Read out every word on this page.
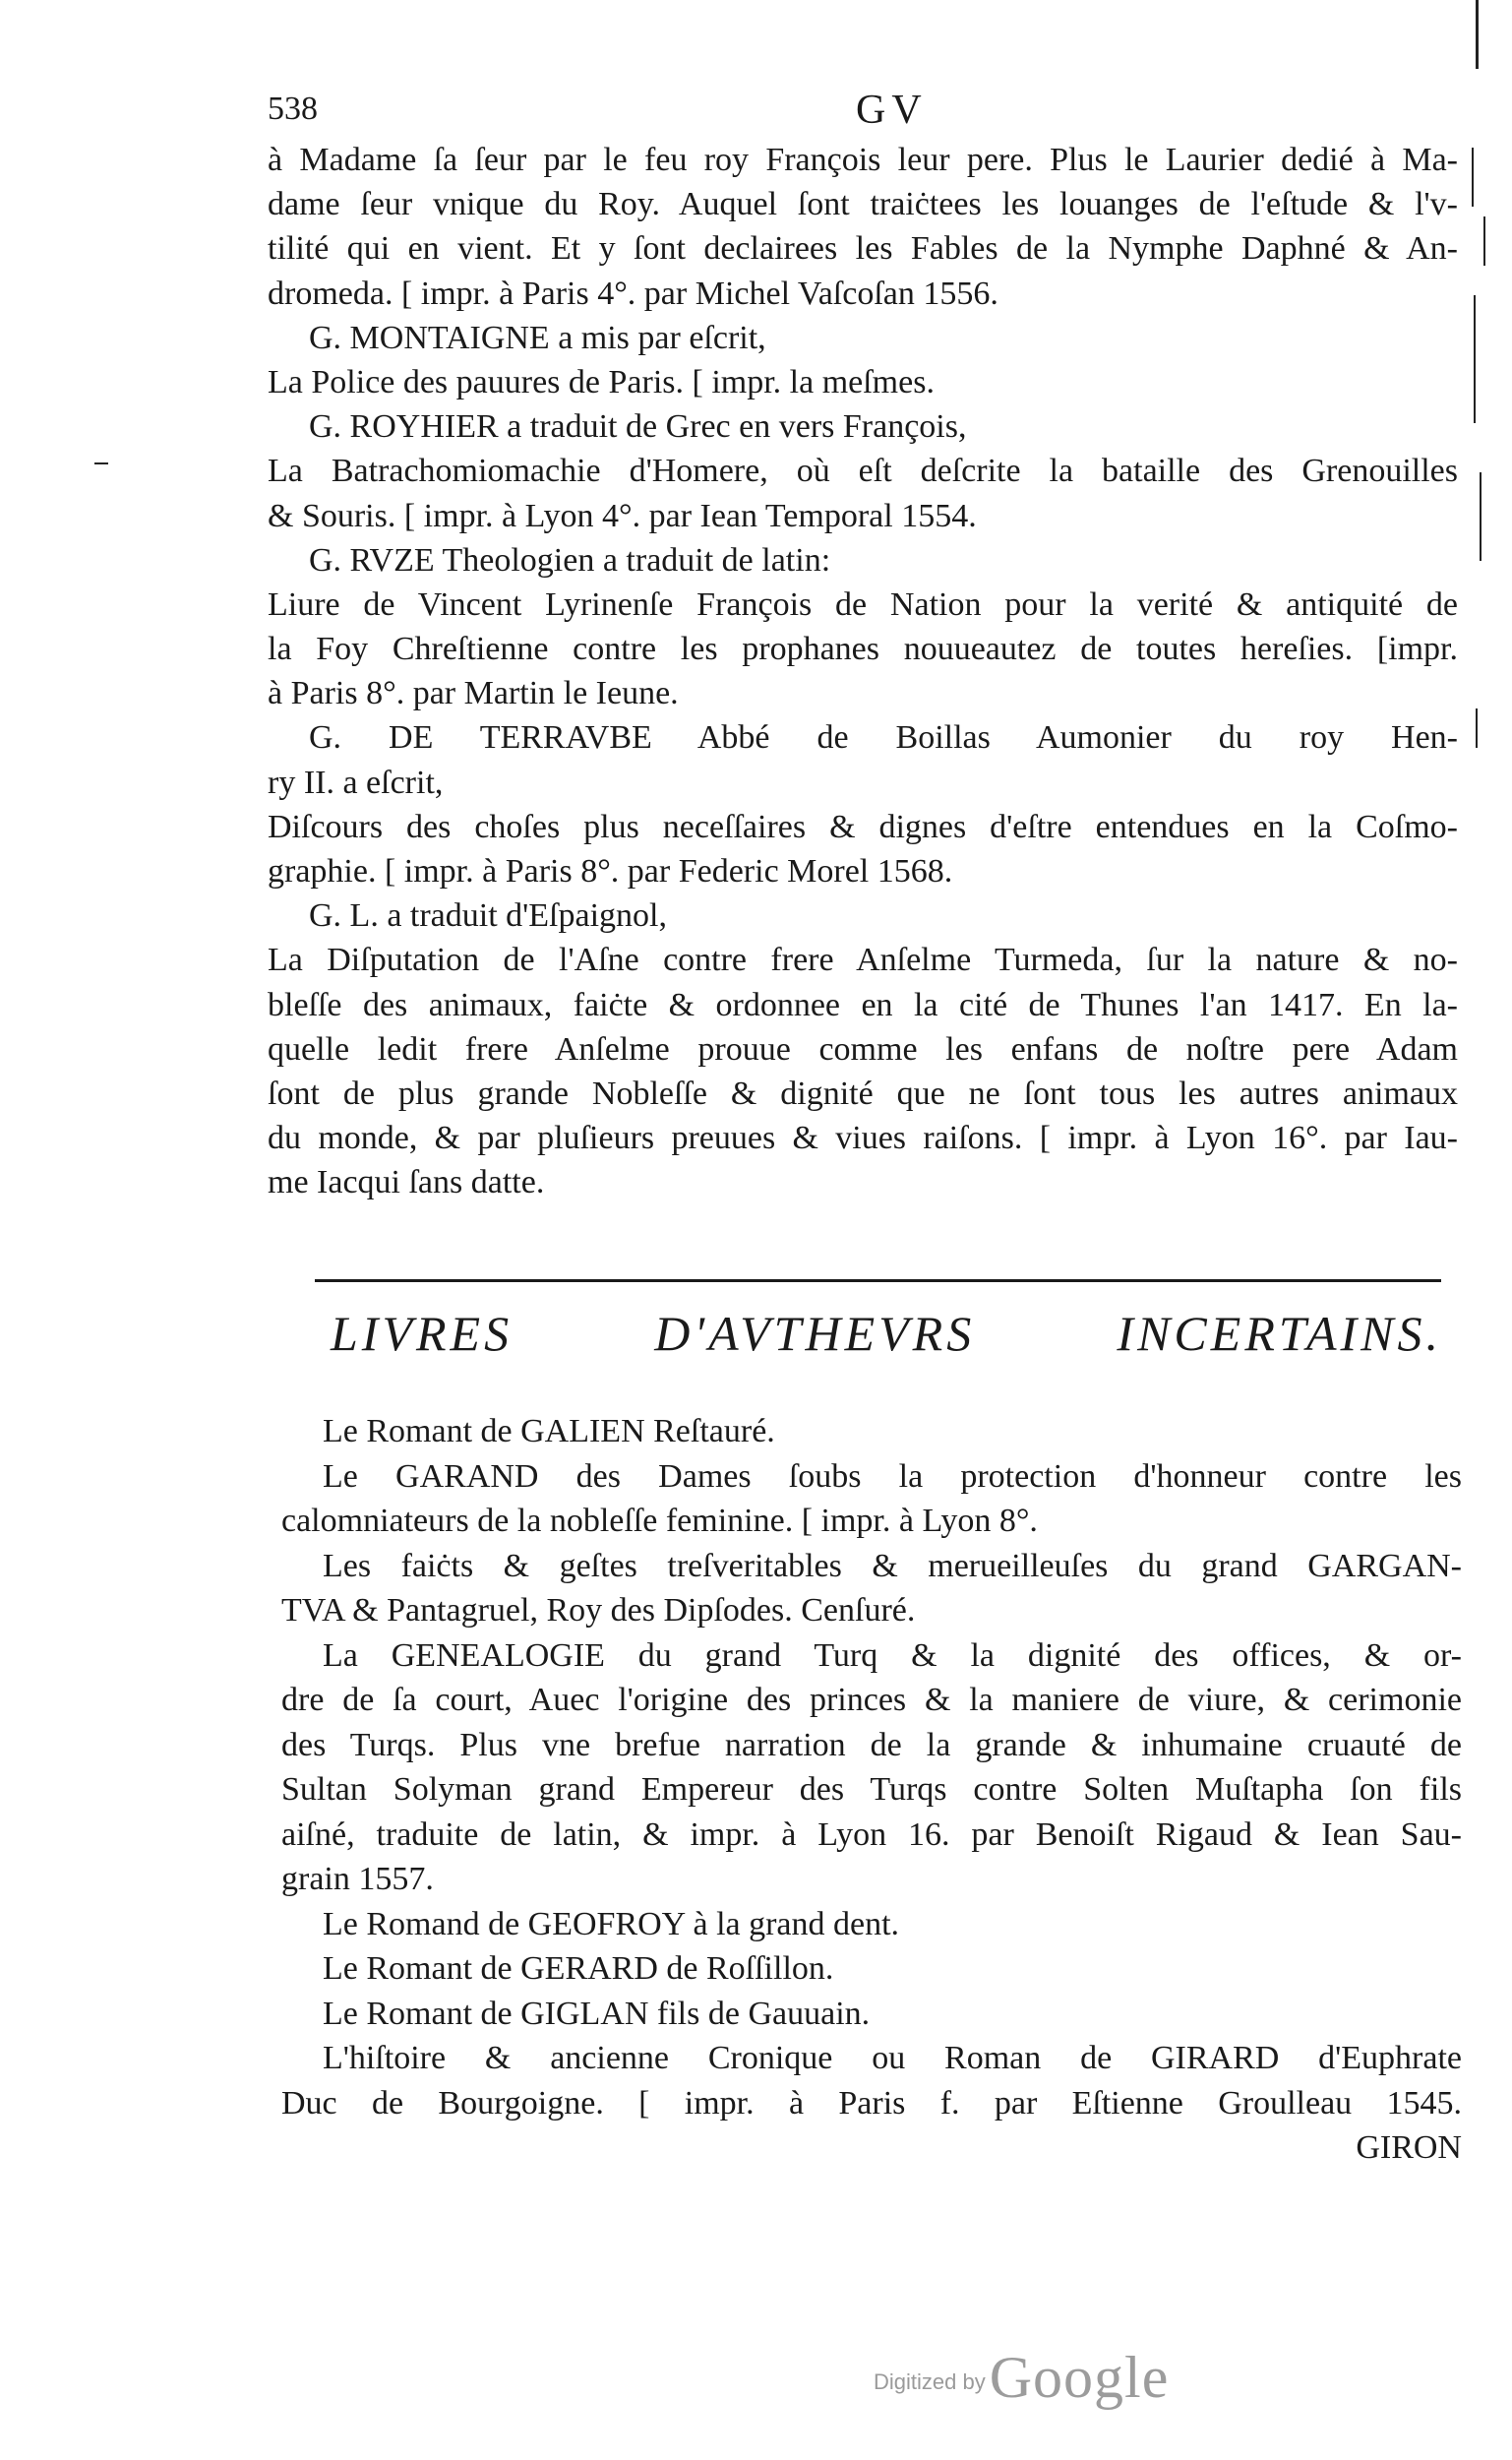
538	GV
à Madame ſa ſeur par le feu roy François leur pere. Plus le Laurier dedié à Ma-
dame ſeur vnique du Roy. Auquel ſont traiċtees les louanges de l'eſtude & l'v-
tilité qui en vient. Et y ſont declairees les Fables de la Nymphe Daphné & An-
dromeda. [ impr. à Paris 4°. par Michel Vaſcoſan 1556.
G. MONTAIGNE a mis par eſcrit,
La Police des pauures de Paris. [ impr. la meſmes.
G. ROYHIER a traduit de Grec en vers François,
La Batrachomiomachie d'Homere, où eſt deſcrite la bataille des Grenouilles
& Souris. [ impr. à Lyon 4°. par Iean Temporal 1554.
G. RVZE Theologien a traduit de latin:
Liure de Vincent Lyrinenſe François de Nation pour la verité & antiquité de
la Foy Chreſtienne contre les prophanes nouueautez de toutes hereſies. [impr.
à Paris 8°. par Martin le Ieune.
G. DE TERRAVBE Abbé de Boillas Aumonier du roy Hen-
ry II. a eſcrit,
Diſcours des choſes plus neceſſaires & dignes d'eſtre entendues en la Coſmo-
graphie. [ impr. à Paris 8°. par Federic Morel 1568.
G. L. a traduit d'Eſpaignol,
La Diſputation de l'Aſne contre frere Anſelme Turmeda, ſur la nature & no-
bleſſe des animaux, faiċte & ordonnee en la cité de Thunes l'an 1417. En la-
quelle ledit frere Anſelme prouue comme les enfans de noſtre pere Adam
ſont de plus grande Nobleſſe & dignité que ne ſont tous les autres animaux
du monde, & par pluſieurs preuues & viues raiſons. [ impr. à Lyon 16°. par Iau-
me Iacqui ſans datte.
LIVRES D'AVTHEVRS INCERTAINS.
Le Romant de GALIEN Reſtauré.
Le GARAND des Dames ſoubs la protection d'honneur contre les
calomniateurs de la nobleſſe feminine. [ impr. à Lyon 8°.
Les faiċts & geſtes treſveritables & merueilleuſes du grand GARGAN-
TVA & Pantagruel, Roy des Dipſodes. Cenſuré.
La GENEALOGIE du grand Turq & la dignité des offices, & or-
dre de ſa court, Auec l'origine des princes & la maniere de viure, & cerimonie
des Turqs. Plus vne brefue narration de la grande & inhumaine cruauté de
Sultan Solyman grand Empereur des Turqs contre Solten Muſtapha ſon fils
aiſné, traduite de latin, & impr. à Lyon 16. par Benoiſt Rigaud & Iean Sau-
grain 1557.
Le Romand de GEOFROY à la grand dent.
Le Romant de GERARD de Roſſillon.
Le Romant de GIGLAN fils de Gauuain.
L'hiſtoire & ancienne Cronique ou Roman de GIRARD d'Euphrate
Duc de Bourgoigne. [ impr. à Paris f. par Eſtienne Groulleau 1545.
GIRON
Digitized by Google
